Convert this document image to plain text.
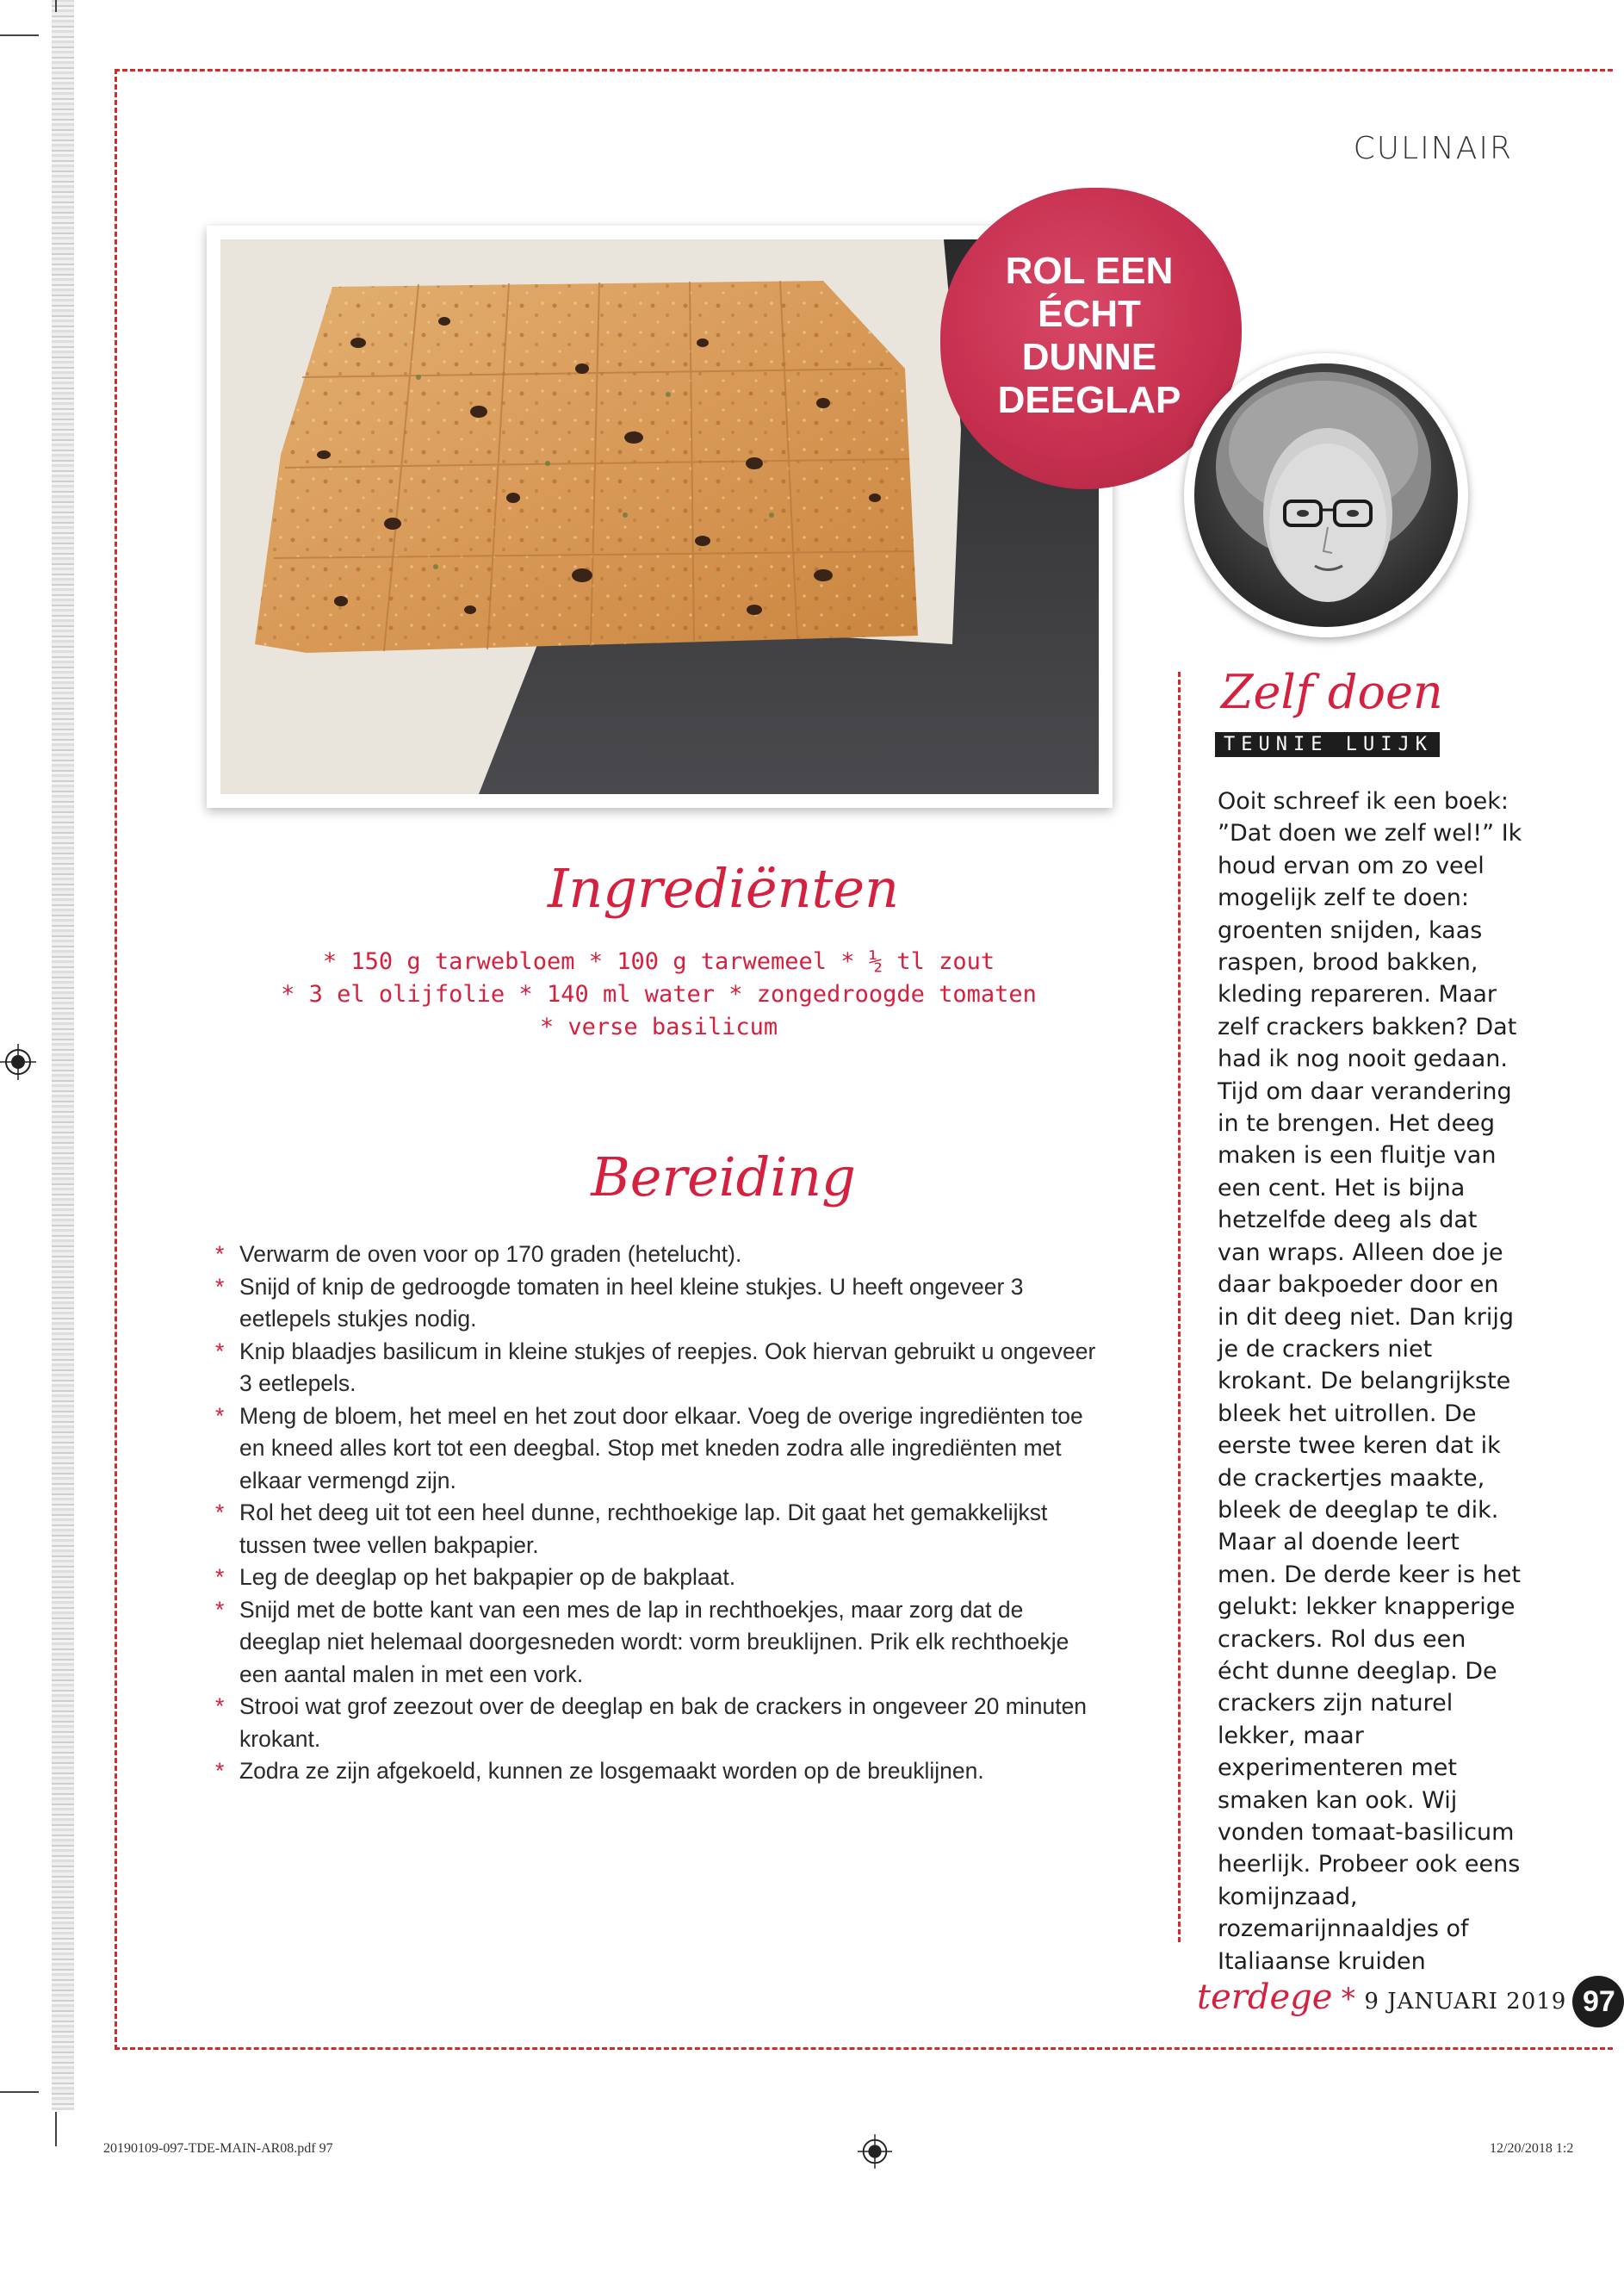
CULINAIR
ROL EEN
ÉCHT
DUNNE
DEEGLAP
Ingrediënten
* 150 g tarwebloem * 100 g tarwemeel * ½ tl zout
* 3 el olijfolie * 140 ml water * zongedroogde tomaten
* verse basilicum
Bereiding
* Verwarm de oven voor op 170 graden (hetelucht).
* Snijd of knip de gedroogde tomaten in heel kleine stukjes. U heeft ongeveer 3 eetlepels stukjes nodig.
* Knip blaadjes basilicum in kleine stukjes of reepjes. Ook hiervan gebruikt u ongeveer 3 eetlepels.
* Meng de bloem, het meel en het zout door elkaar. Voeg de overige ingrediënten toe en kneed alles kort tot een deegbal. Stop met kneden zodra alle ingrediënten met elkaar vermengd zijn.
* Rol het deeg uit tot een heel dunne, rechthoekige lap. Dit gaat het gemakkelijkst tussen twee vellen bakpapier.
* Leg de deeglap op het bakpapier op de bakplaat.
* Snijd met de botte kant van een mes de lap in rechthoekjes, maar zorg dat de deeglap niet helemaal doorgesneden wordt: vorm breuklijnen. Prik elk rechthoekje een aantal malen in met een vork.
* Strooi wat grof zeezout over de deeglap en bak de crackers in ongeveer 20 minuten krokant.
* Zodra ze zijn afgekoeld, kunnen ze losgemaakt worden op de breuklijnen.
Zelf doen
TEUNIE LUIJK
Ooit schreef ik een boek: ”Dat doen we zelf wel!” Ik houd ervan om zo veel mogelijk zelf te doen: groenten snijden, kaas raspen, brood bakken, kleding repareren. Maar zelf crackers bakken? Dat had ik nog nooit gedaan. Tijd om daar verandering in te brengen. Het deeg maken is een fluitje van een cent. Het is bijna hetzelfde deeg als dat van wraps. Alleen doe je daar bakpoeder door en in dit deeg niet. Dan krijg je de crackers niet krokant. De belangrijkste bleek het uitrollen. De eerste twee keren dat ik de crackertjes maakte, bleek de deeglap te dik. Maar al doende leert men. De derde keer is het gelukt: lekker knapperige crackers. Rol dus een écht dunne deeglap. De crackers zijn naturel lekker, maar experimenteren met smaken kan ook. Wij vonden tomaat-basilicum heerlijk. Probeer ook eens komijnzaad, rozemarijnnaaldjes of Italiaanse kruiden
terdege * 9 JANUARI 2019 97
20190109-097-TDE-MAIN-AR08.pdf 97	12/20/2018 1:2
